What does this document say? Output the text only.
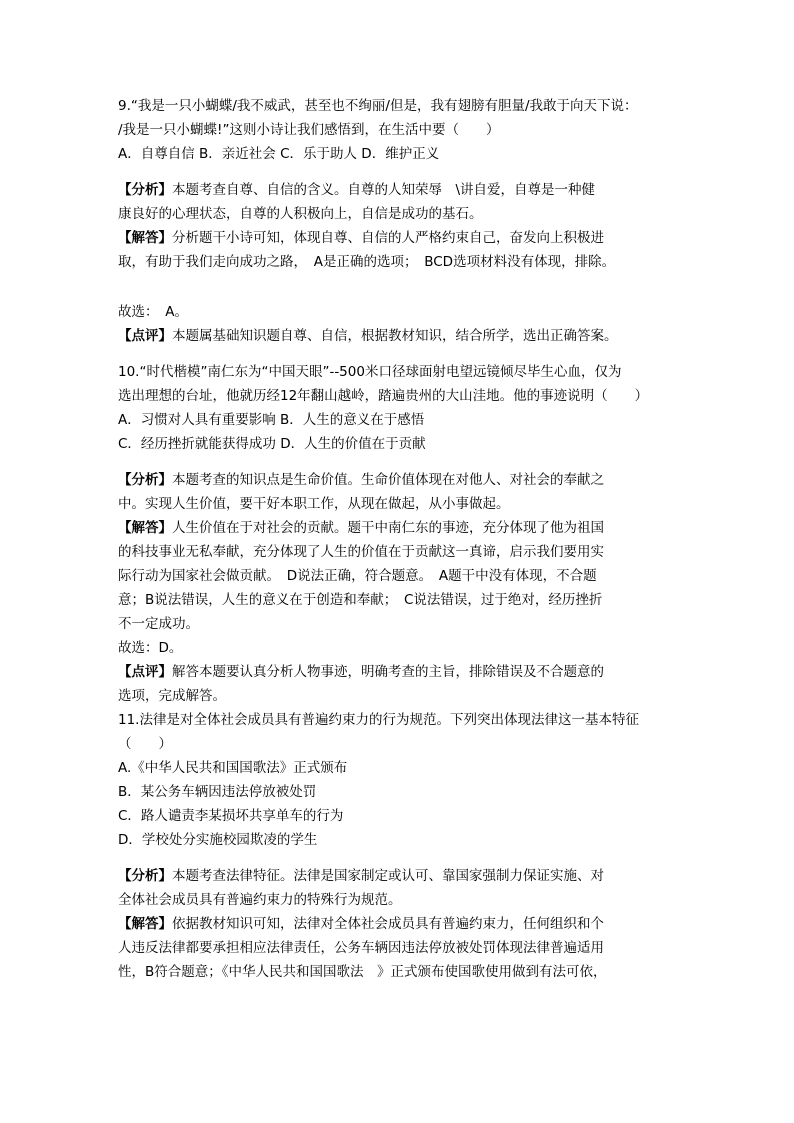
9.“我是一只小蝴蝶/我不威武，甚至也不绚丽/但是，我有翅膀有胆量/我敢于向天下说：
/我是一只小蝴蝶!”这则小诗让我们感悟到，在生活中要（　　）
A．自尊自信 B．亲近社会 C．乐于助人 D．维护正义
【分析】本题考查自尊、自信的含义。自尊的人知荣辱　\讲自爱，自尊是一种健
康良好的心理状态，自尊的人积极向上，自信是成功的基石。
【解答】分析题干小诗可知，体现自尊、自信的人严格约束自己，奋发向上积极进
取，有助于我们走向成功之路，　A是正确的选项；　BCD选项材料没有体现，排除。
故选：　A。
【点评】本题属基础知识题自尊、自信，根据教材知识，结合所学，选出正确答案。
10.“时代楷模”南仁东为“中国天眼”--500米口径球面射电望远镜倾尽毕生心血，仅为
选出理想的台址，他就历经12年翻山越岭，踏遍贵州的大山洼地。他的事迹说明（　　）
A．习惯对人具有重要影响 B．人生的意义在于感悟
C．经历挫折就能获得成功 D．人生的价值在于贡献
【分析】本题考查的知识点是生命价值。生命价值体现在对他人、对社会的奉献之
中。实现人生价值，要干好本职工作，从现在做起，从小事做起。
【解答】人生价值在于对社会的贡献。题干中南仁东的事迹，充分体现了他为祖国
的科技事业无私奉献，充分体现了人生的价值在于贡献这一真谛，启示我们要用实
际行动为国家社会做贡献。　D说法正确，符合题意。　A题干中没有体现，不合题
意；B说法错误，人生的意义在于创造和奉献；　C说法错误，过于绝对，经历挫折
不一定成功。
故选：D。
【点评】解答本题要认真分析人物事迹，明确考查的主旨，排除错误及不合题意的
选项，完成解答。
11.法律是对全体社会成员具有普遍约束力的行为规范。下列突出体现法律这一基本特征
（　　）
A.《中华人民共和国国歌法》正式颁布
B．某公务车辆因违法停放被处罚
C．路人谴责李某损坏共享单车的行为
D．学校处分实施校园欺凌的学生
【分析】本题考查法律特征。法律是国家制定或认可、靠国家强制力保证实施、对
全体社会成员具有普遍约束力的特殊行为规范。
【解答】依据教材知识可知，法律对全体社会成员具有普遍约束力，任何组织和个
人违反法律都要承担相应法律责任，公务车辆因违法停放被处罚体现法律普遍适用
性，B符合题意；《中华人民共和国国歌法　》正式颁布使国歌使用做到有法可依，
